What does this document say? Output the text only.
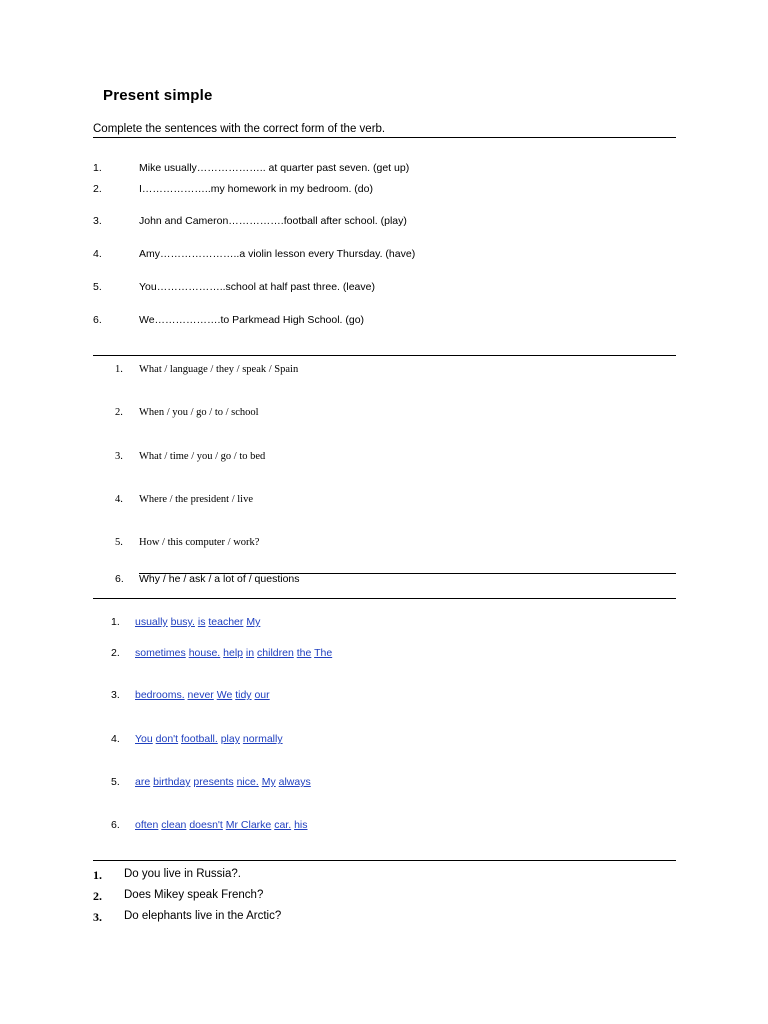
Present simple
Complete the sentences with the correct form of the verb.
1.	Mike usually……………….. at quarter past seven. (get up)
2.	I………………..my homework in my bedroom. (do)
3.	John and Cameron…………….football after school. (play)
4.	Amy…………………..a violin lesson every Thursday. (have)
5.	You………………..school at half past three. (leave)
6.	We……………….to Parkmead High School. (go)
1. What / language / they / speak / Spain
2. When / you / go / to / school
3. What / time / you / go / to bed
4. Where / the president / live
5. How / this computer / work?
6. Why / he / ask / a lot of / questions
1. usually busy. is teacher My
2. sometimes house. help in children the The
3. bedrooms. never We tidy our
4. You don't football. play normally
5. are birthday presents nice. My always
6. often clean doesn't Mr Clarke car. his
1. Do you live in Russia?.
2. Does Mikey speak French?
3. Do elephants live in the Arctic?
